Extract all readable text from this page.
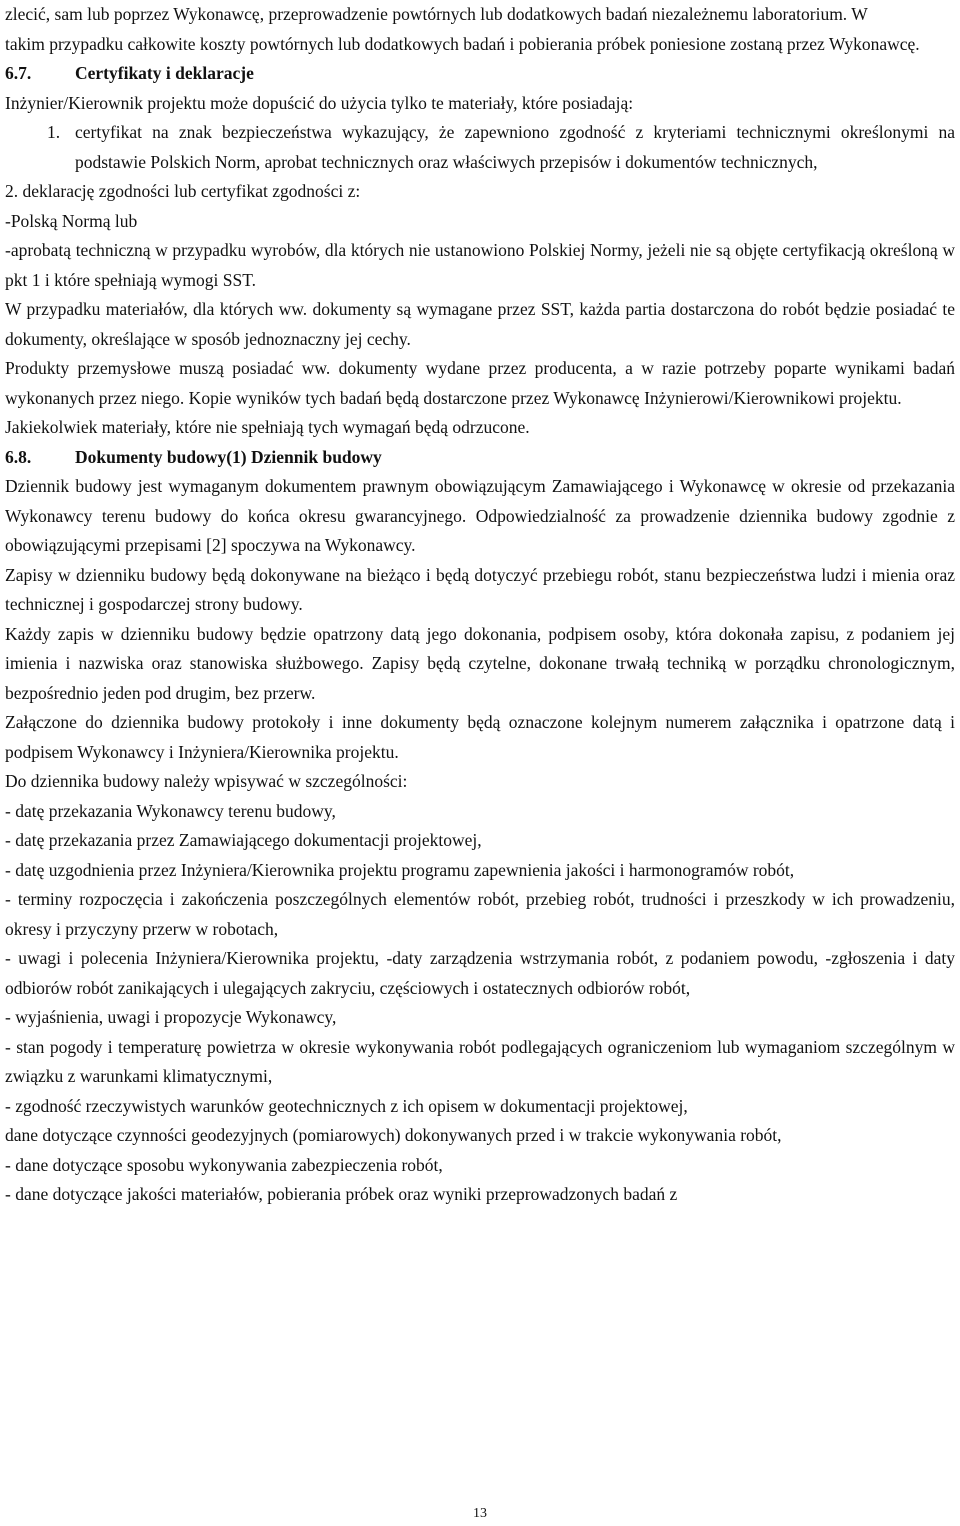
zlecić, sam lub poprzez Wykonawcę, przeprowadzenie powtórnych lub dodatkowych badań niezależnemu laboratorium. W

takim przypadku całkowite koszty powtórnych lub dodatkowych badań i pobierania próbek poniesione zostaną przez Wykonawcę.

6.7.	Certyfikaty i deklaracje

Inżynier/Kierownik projektu może dopuścić do użycia tylko te materiały, które posiadają:

1. certyfikat na znak bezpieczeństwa wykazujący, że zapewniono zgodność z kryteriami technicznymi określonymi na podstawie Polskich Norm, aprobat technicznych oraz właściwych przepisów i dokumentów technicznych,

2. deklarację zgodności lub certyfikat zgodności z:

-Polską Normą lub

-aprobatą techniczną w przypadku wyrobów, dla których nie ustanowiono Polskiej Normy, jeżeli nie są objęte certyfikacją określoną w pkt 1 i które spełniają wymogi SST.

W przypadku materiałów, dla których ww. dokumenty są wymagane przez SST, każda partia dostarczona do robót będzie posiadać te dokumenty, określające w sposób jednoznaczny jej cechy.

Produkty przemysłowe muszą posiadać ww. dokumenty wydane przez producenta, a w razie potrzeby poparte wynikami badań wykonanych przez niego. Kopie wyników tych badań będą dostarczone przez Wykonawcę Inżynierowi/Kierownikowi projektu.

Jakiekolwiek materiały, które nie spełniają tych wymagań będą odrzucone.

6.8.	Dokumenty budowy(1) Dziennik budowy

Dziennik budowy jest wymaganym dokumentem prawnym obowiązującym Zamawiającego i Wykonawcę w okresie od przekazania Wykonawcy terenu budowy do końca okresu gwarancyjnego. Odpowiedzialność za prowadzenie dziennika budowy zgodnie z obowiązującymi przepisami [2] spoczywa na Wykonawcy.

Zapisy w dzienniku budowy będą dokonywane na bieżąco i będą dotyczyć przebiegu robót, stanu bezpieczeństwa ludzi i mienia oraz technicznej i gospodarczej strony budowy.

Każdy zapis w dzienniku budowy będzie opatrzony datą jego dokonania, podpisem osoby, która dokonała zapisu, z podaniem jej imienia i nazwiska oraz stanowiska służbowego. Zapisy będą czytelne, dokonane trwałą techniką w porządku chronologicznym, bezpośrednio jeden pod drugim, bez przerw.

Załączone do dziennika budowy protokoły i inne dokumenty będą oznaczone kolejnym numerem załącznika i opatrzone datą i podpisem Wykonawcy i Inżyniera/Kierownika projektu.

Do dziennika budowy należy wpisywać w szczególności:

- datę przekazania Wykonawcy terenu budowy,

- datę przekazania przez Zamawiającego dokumentacji projektowej,

- datę uzgodnienia przez Inżyniera/Kierownika projektu programu zapewnienia jakości i harmonogramów robót,

- terminy rozpoczęcia i zakończenia poszczególnych elementów robót, przebieg robót, trudności i przeszkody w ich prowadzeniu, okresy i przyczyny przerw w robotach,

- uwagi i polecenia Inżyniera/Kierownika projektu, -daty zarządzenia wstrzymania robót, z podaniem powodu, -zgłoszenia i daty odbiorów robót zanikających i ulegających zakryciu, częściowych i ostatecznych odbiorów robót,

- wyjaśnienia, uwagi i propozycje Wykonawcy,

- stan pogody i temperaturę powietrza w okresie wykonywania robót podlegających ograniczeniom lub wymaganiom szczególnym w związku z warunkami klimatycznymi,

- zgodność rzeczywistych warunków geotechnicznych z ich opisem w dokumentacji projektowej,

dane dotyczące czynności geodezyjnych (pomiarowych) dokonywanych przed i w trakcie wykonywania robót,

- dane dotyczące sposobu wykonywania zabezpieczenia robót,

- dane dotyczące jakości materiałów, pobierania próbek oraz wyniki przeprowadzonych badań z

13
